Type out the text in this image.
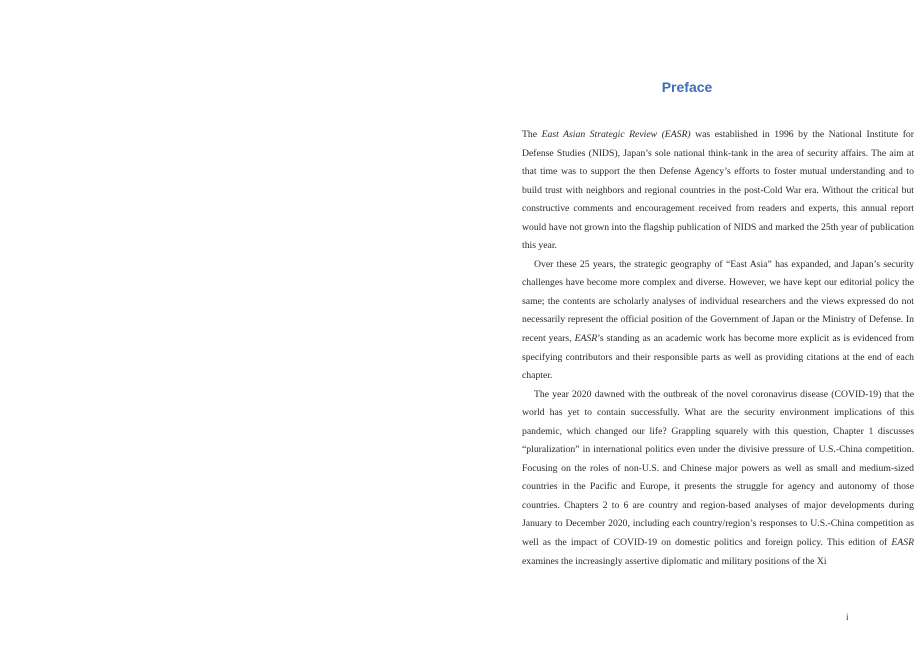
Preface

The East Asian Strategic Review (EASR) was established in 1996 by the National Institute for Defense Studies (NIDS), Japan’s sole national think-tank in the area of security affairs. The aim at that time was to support the then Defense Agency’s efforts to foster mutual understanding and to build trust with neighbors and regional countries in the post-Cold War era. Without the critical but constructive comments and encouragement received from readers and experts, this annual report would have not grown into the flagship publication of NIDS and marked the 25th year of publication this year.

Over these 25 years, the strategic geography of “East Asia” has expanded, and Japan’s security challenges have become more complex and diverse. However, we have kept our editorial policy the same; the contents are scholarly analyses of individual researchers and the views expressed do not necessarily represent the official position of the Government of Japan or the Ministry of Defense. In recent years, EASR’s standing as an academic work has become more explicit as is evidenced from specifying contributors and their responsible parts as well as providing citations at the end of each chapter.

The year 2020 dawned with the outbreak of the novel coronavirus disease (COVID-19) that the world has yet to contain successfully. What are the security environment implications of this pandemic, which changed our life? Grappling squarely with this question, Chapter 1 discusses “pluralization” in international politics even under the divisive pressure of U.S.-China competition. Focusing on the roles of non-U.S. and Chinese major powers as well as small and medium-sized countries in the Pacific and Europe, it presents the struggle for agency and autonomy of those countries. Chapters 2 to 6 are country and region-based analyses of major developments during January to December 2020, including each country/region’s responses to U.S.-China competition as well as the impact of COVID-19 on domestic politics and foreign policy. This edition of EASR examines the increasingly assertive diplomatic and military positions of the Xi

i
